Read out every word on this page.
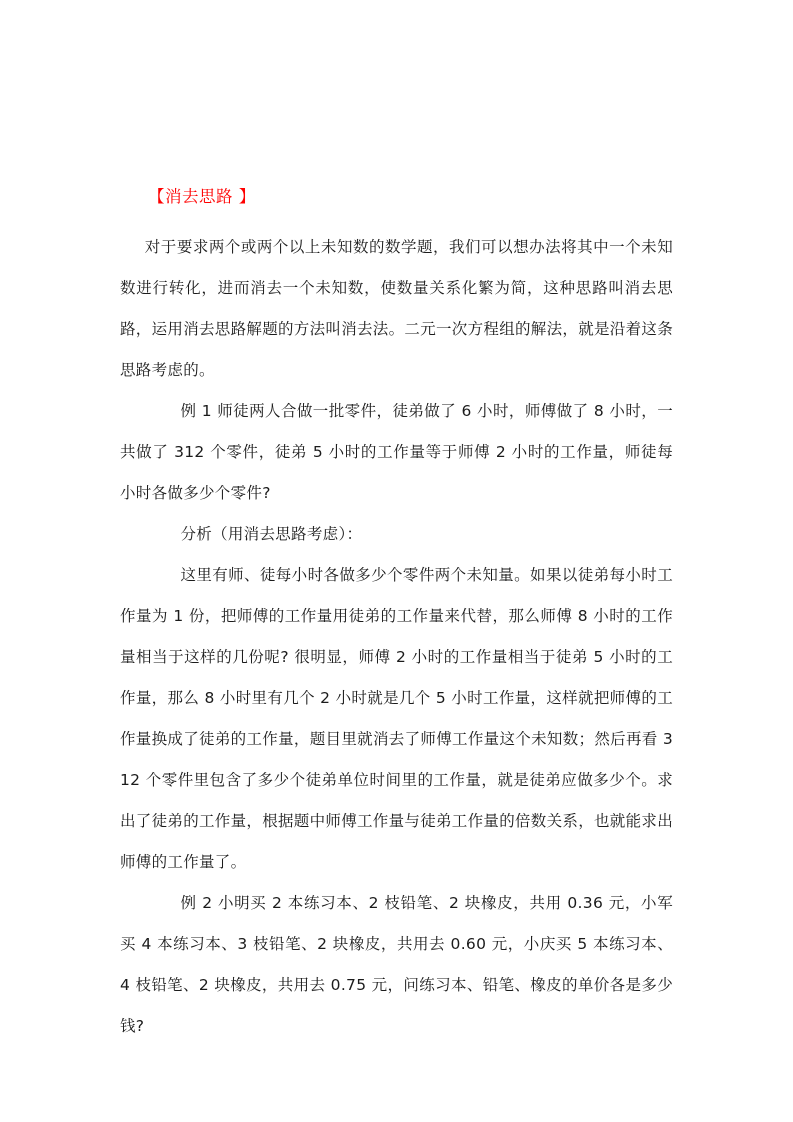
【消去思路 】

对于要求两个或两个以上未知数的数学题，我们可以想办法将其中一个未知数进行转化，进而消去一个未知数，使数量关系化繁为简，这种思路叫消去思路，运用消去思路解题的方法叫消去法。二元一次方程组的解法，就是沿着这条思路考虑的。

例 1 师徒两人合做一批零件，徒弟做了 6 小时，师傅做了 8 小时，一共做了 312 个零件，徒弟 5 小时的工作量等于师傅 2 小时的工作量，师徒每小时各做多少个零件?

分析（用消去思路考虑）：

这里有师、徒每小时各做多少个零件两个未知量。如果以徒弟每小时工作量为 1 份，把师傅的工作量用徒弟的工作量来代替，那么师傅 8 小时的工作量相当于这样的几份呢? 很明显，师傅 2 小时的工作量相当于徒弟 5 小时的工作量，那么 8 小时里有几个 2 小时就是几个 5 小时工作量，这样就把师傅的工作量换成了徒弟的工作量，题目里就消去了师傅工作量这个未知数；然后再看 312 个零件里包含了多少个徒弟单位时间里的工作量，就是徒弟应做多少个。求出了徒弟的工作量，根据题中师傅工作量与徒弟工作量的倍数关系，也就能求出师傅的工作量了。

例 2 小明买 2 本练习本、2 枝铅笔、2 块橡皮，共用 0.36 元，小军买 4 本练习本、3 枝铅笔、2 块橡皮，共用去 0.60 元，小庆买 5 本练习本、4 枝铅笔、2 块橡皮，共用去 0.75 元，问练习本、铅笔、橡皮的单价各是多少钱?
